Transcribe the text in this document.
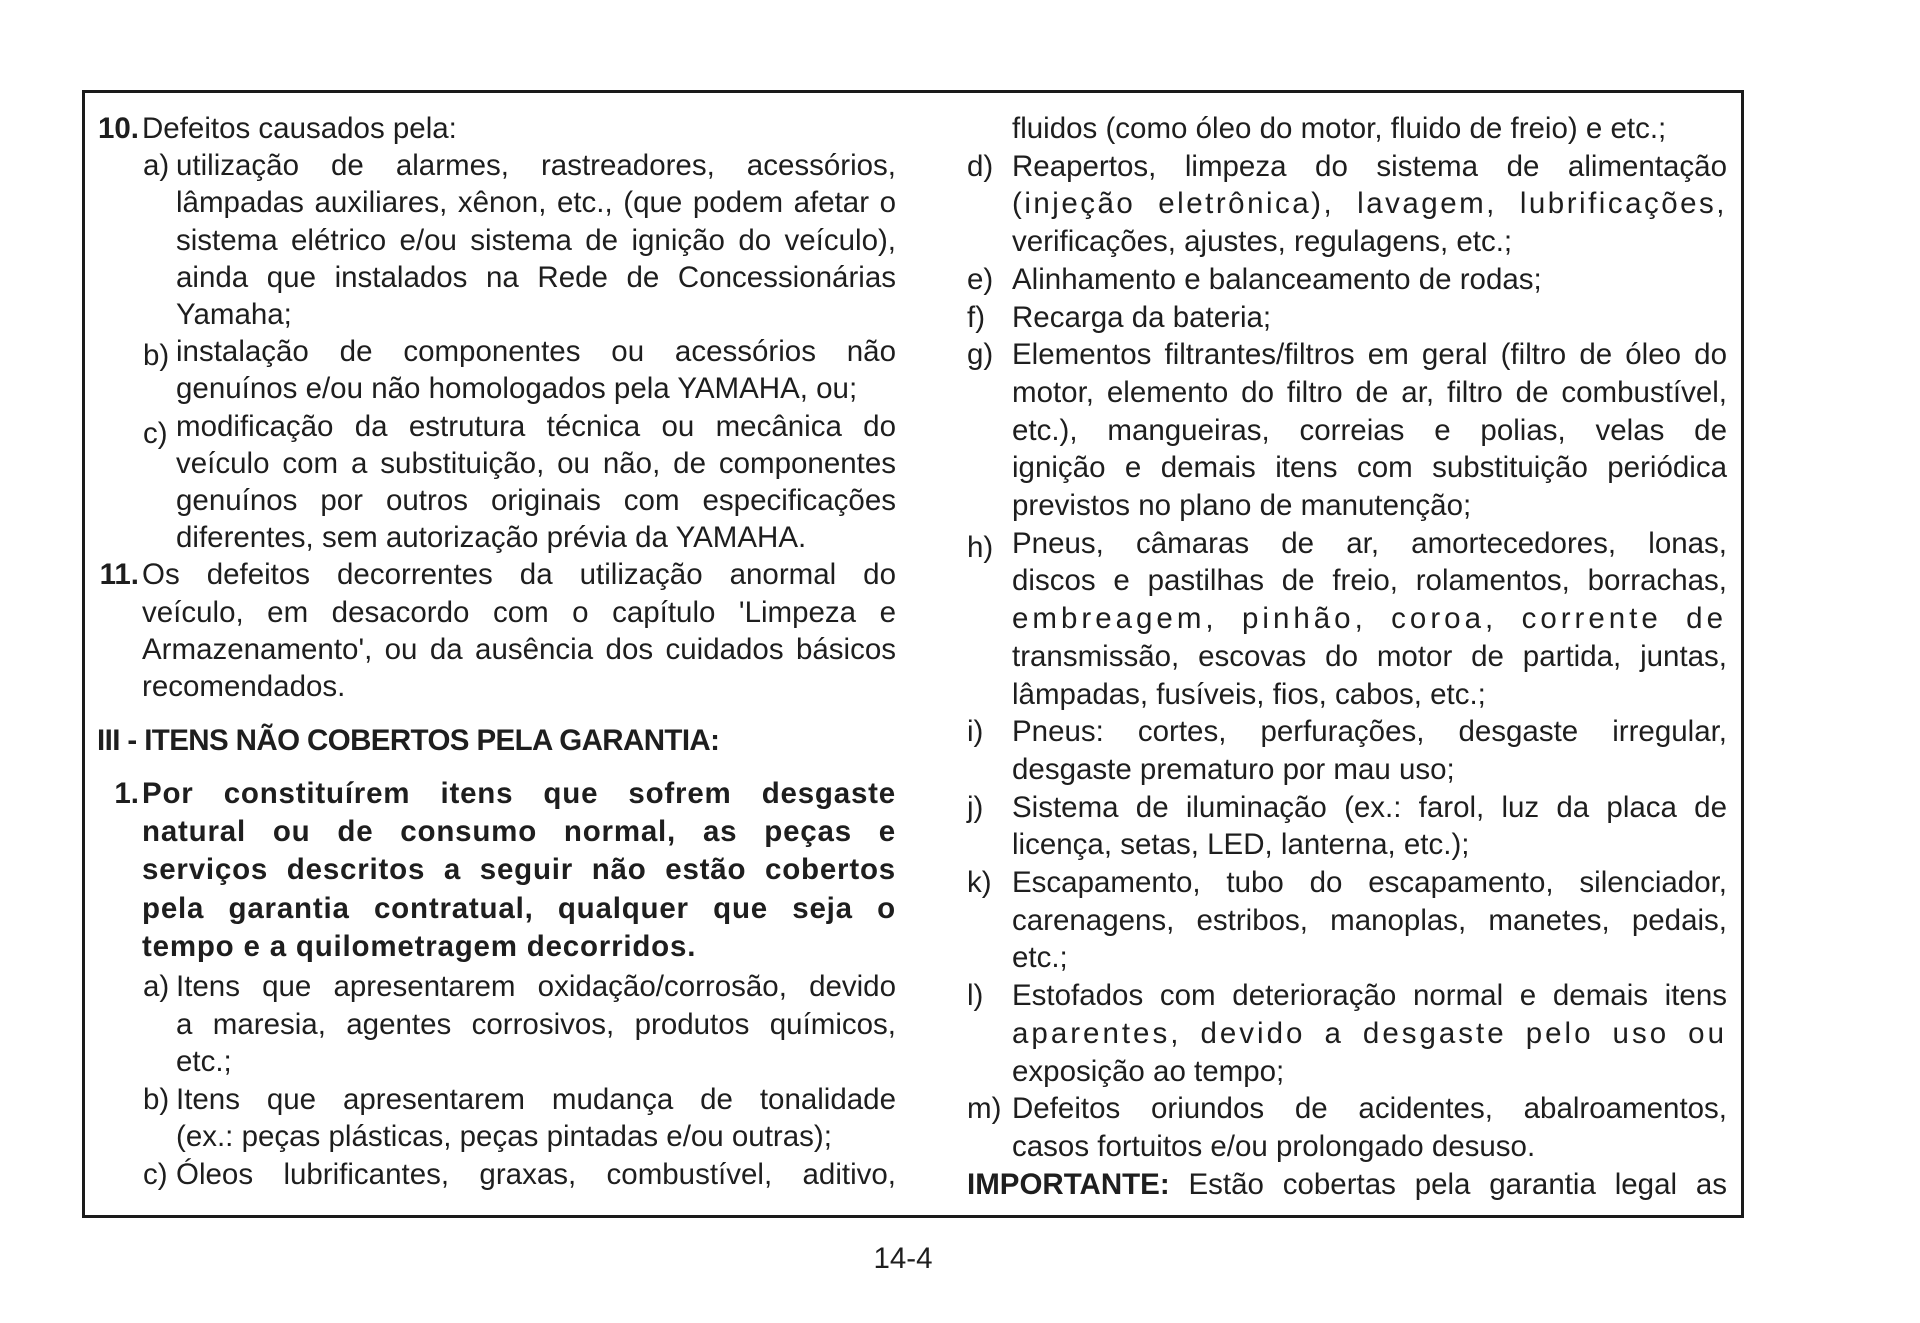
10. Defeitos causados pela:
a) utilização de alarmes, rastreadores, acessórios,
lâmpadas auxiliares, xênon, etc., (que podem afetar o
sistema elétrico e/ou sistema de ignição do veículo),
ainda que instalados na Rede de Concessionárias
Yamaha;
b) instalação de componentes ou acessórios não
genuínos e/ou não homologados pela YAMAHA, ou;
c) modificação da estrutura técnica ou mecânica do
veículo com a substituição, ou não, de componentes
genuínos por outros originais com especificações
diferentes, sem autorização prévia da YAMAHA.
11. Os defeitos decorrentes da utilização anormal do
veículo, em desacordo com o capítulo 'Limpeza e
Armazenamento', ou da ausência dos cuidados básicos
recomendados.
III - ITENS NÃO COBERTOS PELA GARANTIA:
1. Por constituírem itens que sofrem desgaste
natural ou de consumo normal, as peças e
serviços descritos a seguir não estão cobertos
pela garantia contratual, qualquer que seja o
tempo e a quilometragem decorridos.
a) Itens que apresentarem oxidação/corrosão, devido
a maresia, agentes corrosivos, produtos químicos,
etc.;
b) Itens que apresentarem mudança de tonalidade
(ex.: peças plásticas, peças pintadas e/ou outras);
c) Óleos lubrificantes, graxas, combustível, aditivo,
fluidos (como óleo do motor, fluido de freio) e etc.;
d) Reapertos, limpeza do sistema de alimentação
(injeção eletrônica), lavagem, lubrificações,
verificações, ajustes, regulagens, etc.;
e) Alinhamento e balanceamento de rodas;
f) Recarga da bateria;
g) Elementos filtrantes/filtros em geral (filtro de óleo do
motor, elemento do filtro de ar, filtro de combustível,
etc.), mangueiras, correias e polias, velas de
ignição e demais itens com substituição periódica
previstos no plano de manutenção;
h) Pneus, câmaras de ar, amortecedores, lonas,
discos e pastilhas de freio, rolamentos, borrachas,
embreagem, pinhão, coroa, corrente de
transmissão, escovas do motor de partida, juntas,
lâmpadas, fusíveis, fios, cabos, etc.;
i) Pneus: cortes, perfurações, desgaste irregular,
desgaste prematuro por mau uso;
j) Sistema de iluminação (ex.: farol, luz da placa de
licença, setas, LED, lanterna, etc.);
k) Escapamento, tubo do escapamento, silenciador,
carenagens, estribos, manoplas, manetes, pedais,
etc.;
l) Estofados com deterioração normal e demais itens
aparentes, devido a desgaste pelo uso ou
exposição ao tempo;
m) Defeitos oriundos de acidentes, abalroamentos,
casos fortuitos e/ou prolongado desuso.
IMPORTANTE: Estão cobertas pela garantia legal as
14-4
